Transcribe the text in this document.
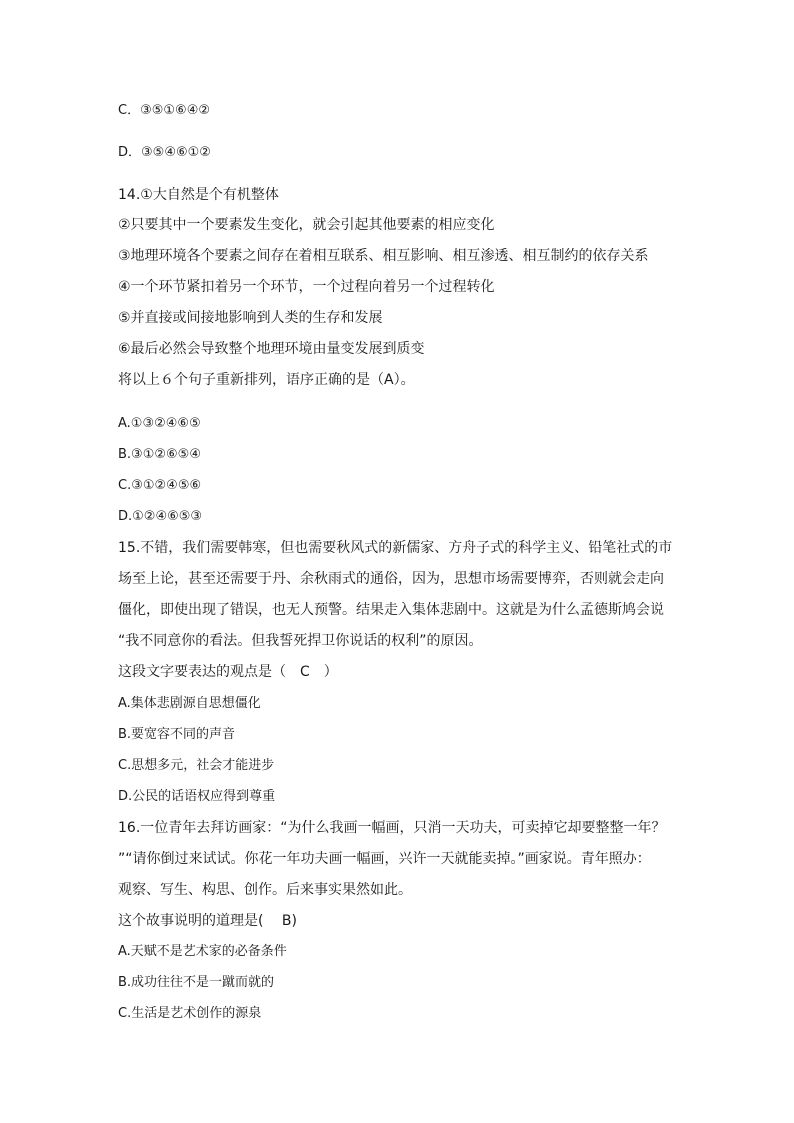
C．③⑤①⑥④②
D．③⑤④⑥①②
14.①大自然是个有机整体
②只要其中一个要素发生变化，就会引起其他要素的相应变化
③地理环境各个要素之间存在着相互联系、相互影响、相互渗透、相互制约的依存关系
④一个环节紧扣着另一个环节，一个过程向着另一个过程转化
⑤并直接或间接地影响到人类的生存和发展
⑥最后必然会导致整个地理环境由量变发展到质变
将以上６个句子重新排列，语序正确的是（A）。
A.①③②④⑥⑤
B.③①②⑥⑤④
C.③①②④⑤⑥
D.①②④⑥⑤③
15.不错，我们需要韩寒，但也需要秋风式的新儒家、方舟子式的科学主义、铅笔社式的市
场至上论，甚至还需要于丹、余秋雨式的通俗，因为，思想市场需要博弈，否则就会走向
僵化，即使出现了错误，也无人预警。结果走入集体悲剧中。这就是为什么孟德斯鸠会说
“我不同意你的看法。但我誓死捍卫你说话的权利”的原因。
这段文字要表达的观点是（　C　）
A.集体悲剧源自思想僵化
B.要宽容不同的声音
C.思想多元，社会才能进步
D.公民的话语权应得到尊重
16.一位青年去拜访画家：“为什么我画一幅画，只消一天功夫，可卖掉它却要整整一年？
”“请你倒过来试试。你花一年功夫画一幅画，兴许一天就能卖掉。”画家说。青年照办：
观察、写生、构思、创作。后来事实果然如此。
这个故事说明的道理是(　 B)
A.天赋不是艺术家的必备条件
B.成功往往不是一蹴而就的
C.生活是艺术创作的源泉
